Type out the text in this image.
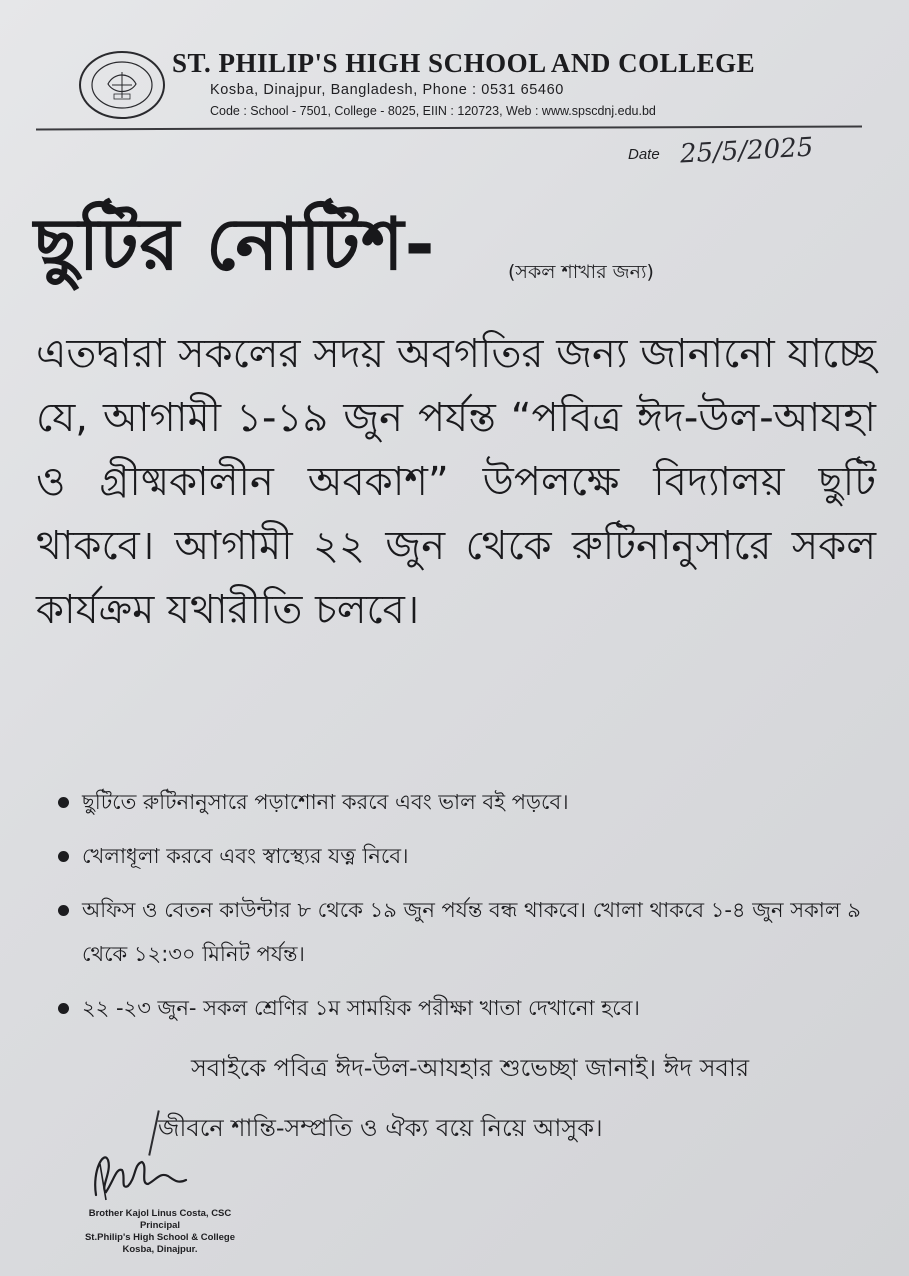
ST. PHILIP'S HIGH SCHOOL AND COLLEGE
Kosba, Dinajpur, Bangladesh, Phone : 0531 65460
Code : School - 7501, College - 8025, EIIN : 120723, Web : www.spscdnj.edu.bd
Date 25/5/2025
ছুটির নোটিশ-	(সকল শাখার জন্য)
এতদ্বারা সকলের সদয় অবগতির জন্য জানানো যাচ্ছে যে, আগামী ১-১৯ জুন পর্যন্ত “পবিত্র ঈদ-উল-আযহা ও গ্রীষ্মকালীন অবকাশ” উপলক্ষে বিদ্যালয় ছুটি থাকবে। আগামী ২২ জুন থেকে রুটিনানুসারে সকল কার্যক্রম যথারীতি চলবে।
ছুটিতে রুটিনানুসারে পড়াশোনা করবে এবং ভাল বই পড়বে।
খেলাধূলা করবে এবং স্বাস্থ্যের যত্ন নিবে।
অফিস ও বেতন কাউন্টার ৮ থেকে ১৯ জুন পর্যন্ত বন্ধ থাকবে। খোলা থাকবে ১-৪ জুন সকাল ৯ থেকে ১২:৩০ মিনিট পর্যন্ত।
২২ -২৩ জুন- সকল শ্রেণির ১ম সাময়িক পরীক্ষা খাতা দেখানো হবে।
সবাইকে পবিত্র ঈদ-উল-আযহার শুভেচ্ছা জানাই। ঈদ সবার
জীবনে শান্তি-সম্প্রতি ও ঐক্য বয়ে নিয়ে আসুক।
Brother Kajol Linus Costa, CSC
Principal
St.Philip's High School & College
Kosba, Dinajpur.
